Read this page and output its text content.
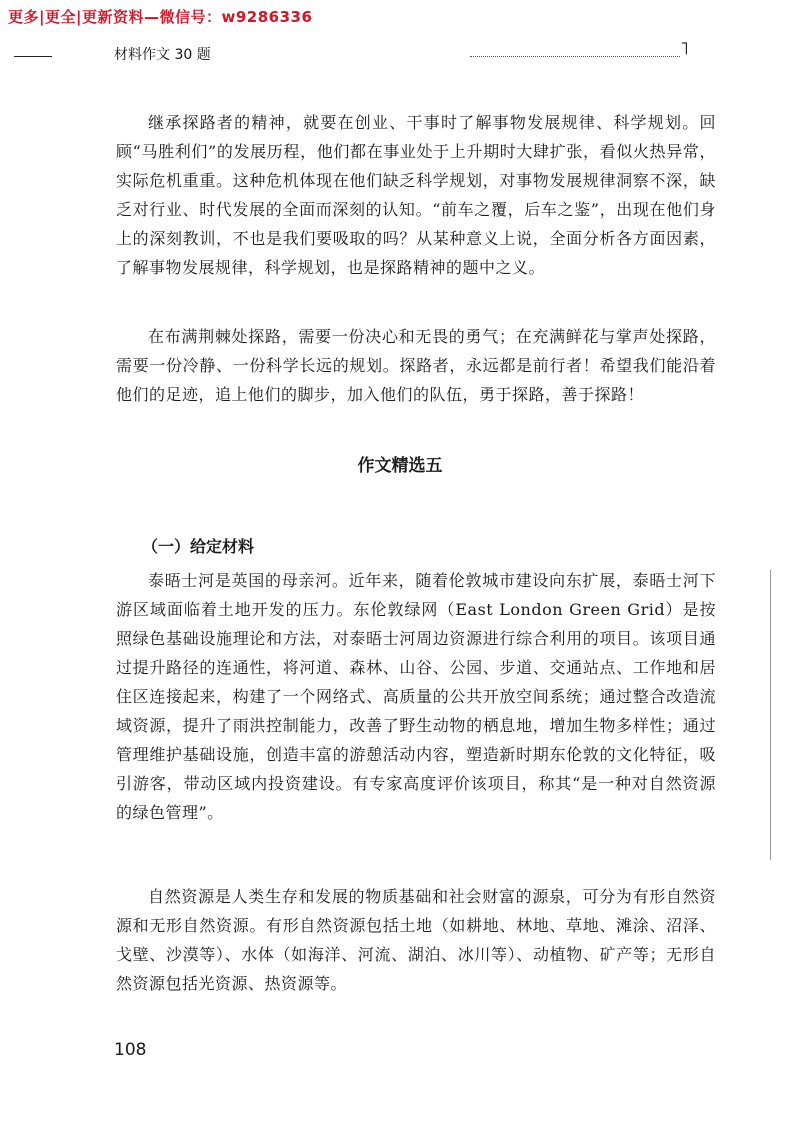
更多|更全|更新资料—微信号：w9286336
材料作文 30 题	˥

继承探路者的精神，就要在创业、干事时了解事物发展规律、科学规划。回顾“马胜利们”的发展历程，他们都在事业处于上升期时大肆扩张，看似火热异常，实际危机重重。这种危机体现在他们缺乏科学规划，对事物发展规律洞察不深，缺乏对行业、时代发展的全面而深刻的认知。“前车之覆，后车之鉴”，出现在他们身上的深刻教训，不也是我们要吸取的吗？从某种意义上说，全面分析各方面因素，了解事物发展规律，科学规划，也是探路精神的题中之义。

在布满荆棘处探路，需要一份决心和无畏的勇气；在充满鲜花与掌声处探路，需要一份冷静、一份科学长远的规划。探路者，永远都是前行者！希望我们能沿着他们的足迹，追上他们的脚步，加入他们的队伍，勇于探路，善于探路！

作文精选五
（一）给定材料

泰晤士河是英国的母亲河。近年来，随着伦敦城市建设向东扩展，泰晤士河下游区域面临着土地开发的压力。东伦敦绿网（East London Green Grid）是按照绿色基础设施理论和方法，对泰晤士河周边资源进行综合利用的项目。该项目通过提升路径的连通性，将河道、森林、山谷、公园、步道、交通站点、工作地和居住区连接起来，构建了一个网络式、高质量的公共开放空间系统；通过整合改造流域资源，提升了雨洪控制能力，改善了野生动物的栖息地，增加生物多样性；通过管理维护基础设施，创造丰富的游憩活动内容，塑造新时期东伦敦的文化特征，吸引游客，带动区域内投资建设。有专家高度评价该项目，称其“是一种对自然资源的绿色管理”。

自然资源是人类生存和发展的物质基础和社会财富的源泉，可分为有形自然资源和无形自然资源。有形自然资源包括土地（如耕地、林地、草地、滩涂、沼泽、戈壁、沙漠等）、水体（如海洋、河流、湖泊、冰川等）、动植物、矿产等；无形自然资源包括光资源、热资源等。

108
